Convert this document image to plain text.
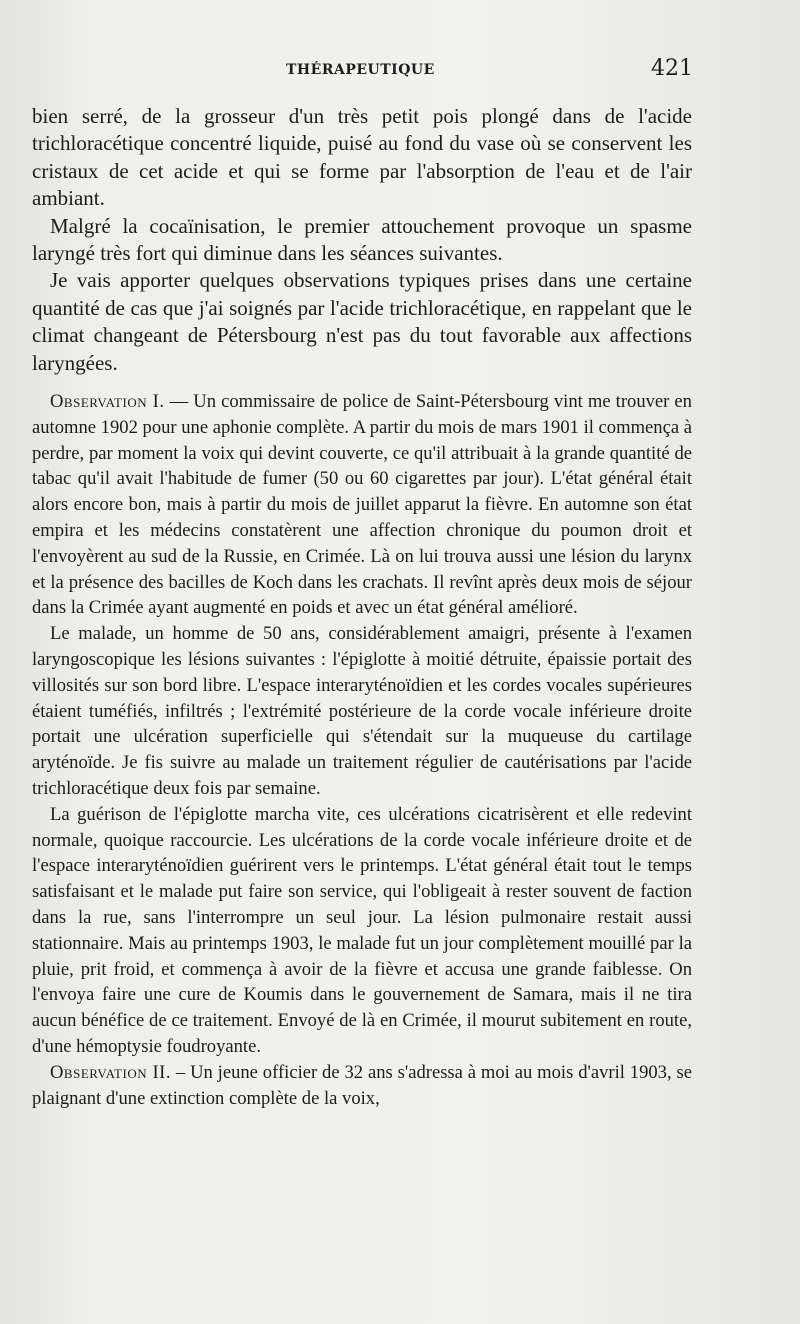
THÉRAPEUTIQUE	421

bien serré, de la grosseur d'un très petit pois plongé dans de l'acide trichloracétique concentré liquide, puisé au fond du vase où se conservent les cristaux de cet acide et qui se forme par l'absorption de l'eau et de l'air ambiant.

Malgré la cocaïnisation, le premier attouchement provoque un spasme laryngé très fort qui diminue dans les séances suivantes.

Je vais apporter quelques observations typiques prises dans une certaine quantité de cas que j'ai soignés par l'acide trichloracétique, en rappelant que le climat changeant de Pétersbourg n'est pas du tout favorable aux affections laryngées.

Observation I. — Un commissaire de police de Saint-Pétersbourg vint me trouver en automne 1902 pour une aphonie complète. A partir du mois de mars 1901 il commença à perdre, par moment la voix qui devint couverte, ce qu'il attribuait à la grande quantité de tabac qu'il avait l'habitude de fumer (50 ou 60 cigarettes par jour). L'état général était alors encore bon, mais à partir du mois de juillet apparut la fièvre. En automne son état empira et les médecins constatèrent une affection chronique du poumon droit et l'envoyèrent au sud de la Russie, en Crimée. Là on lui trouva aussi une lésion du larynx et la présence des bacilles de Koch dans les crachats. Il revînt après deux mois de séjour dans la Crimée ayant augmenté en poids et avec un état général amélioré.

Le malade, un homme de 50 ans, considérablement amaigri, présente à l'examen laryngoscopique les lésions suivantes : l'épiglotte à moitié détruite, épaissie portait des villosités sur son bord libre. L'espace interaryténoïdien et les cordes vocales supérieures étaient tuméfiés, infiltrés ; l'extrémité postérieure de la corde vocale inférieure droite portait une ulcération superficielle qui s'étendait sur la muqueuse du cartilage aryténoïde. Je fis suivre au malade un traitement régulier de cautérisations par l'acide trichloracétique deux fois par semaine.

La guérison de l'épiglotte marcha vite, ces ulcérations cicatrisèrent et elle redevint normale, quoique raccourcie. Les ulcérations de la corde vocale inférieure droite et de l'espace interaryténoïdien guérirent vers le printemps. L'état général était tout le temps satisfaisant et le malade put faire son service, qui l'obligeait à rester souvent de faction dans la rue, sans l'interrompre un seul jour. La lésion pulmonaire restait aussi stationnaire. Mais au printemps 1903, le malade fut un jour complètement mouillé par la pluie, prit froid, et commença à avoir de la fièvre et accusa une grande faiblesse. On l'envoya faire une cure de Koumis dans le gouvernement de Samara, mais il ne tira aucun bénéfice de ce traitement. Envoyé de là en Crimée, il mourut subitement en route, d'une hémoptysie foudroyante.

Observation II. – Un jeune officier de 32 ans s'adressa à moi au mois d'avril 1903, se plaignant d'une extinction complète de la voix,
